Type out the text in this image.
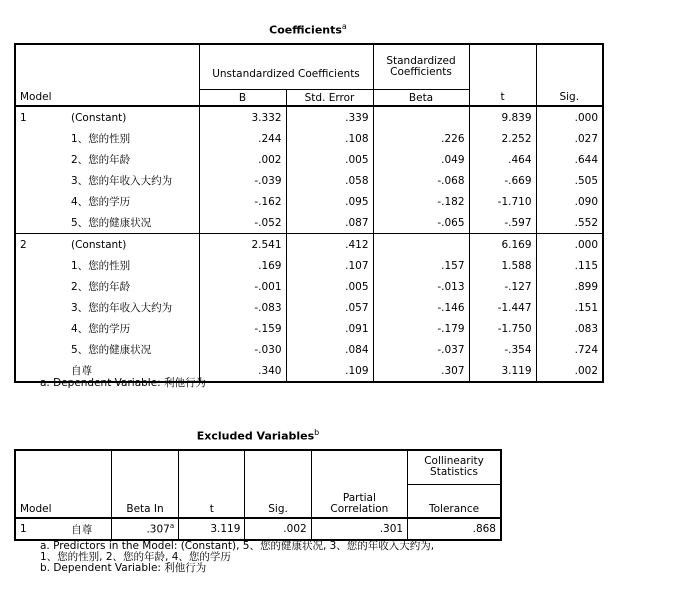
Coefficients$^a$
Model		Unstandardized Coefficients		Standardized Coefficients	t	Sig.
		B	Std. Error	Beta		
1	(Constant)	3.332	.339		9.839	.000
	1、您的性别	.244	.108	.226	2.252	.027
	2、您的年龄	.002	.005	.049	.464	.644
	3、您的年收入大约为	-.039	.058	-.068	-.669	.505
	4、您的学历	-.162	.095	-.182	-1.710	.090
	5、您的健康状况	-.052	.087	-.065	-.597	.552
2	(Constant)	2.541	.412		6.169	.000
	1、您的性别	.169	.107	.157	1.588	.115
	2、您的年龄	-.001	.005	-.013	-.127	.899
	3、您的年收入大约为	-.083	.057	-.146	-1.447	.151
	4、您的学历	-.159	.091	-.179	-1.750	.083
	5、您的健康状况	-.030	.084	-.037	-.354	.724
	自尊	.340	.109	.307	3.119	.002
a. Dependent Variable: 利他行为
Excluded Variables$^b$
Model		Beta In	t	Sig.	Partial Correlation	Collinearity Statistics
						Tolerance
1	自尊	.307$^a$	3.119	.002	.301	.868
a. Predictors in the Model: (Constant), 5、您的健康状况, 3、您的年收入大约为,
1、您的性别, 2、您的年龄, 4、您的学历
b. Dependent Variable: 利他行为
